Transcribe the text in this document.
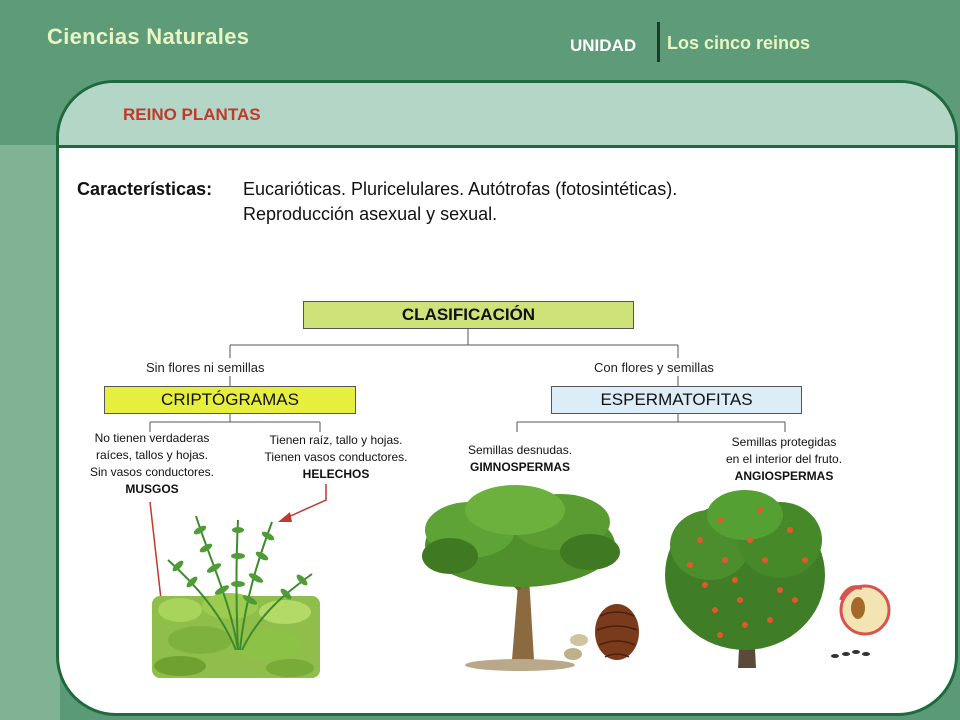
Ciencias Naturales	UNIDAD Los cinco reinos
REINO PLANTAS
Características: Eucarióticas. Pluricelulares. Autótrofas (fotosintéticas).
Reproducción asexual y sexual.
CLASIFICACIÓN
Sin flores ni semillas	Con flores y semillas
CRIPTÓGRAMAS	ESPERMATOFITAS
No tienen verdaderas
raíces, tallos y hojas.
Sin vasos conductores.
MUSGOS
Tienen raíz, tallo y hojas.
Tienen vasos conductores.
HELECHOS
Semillas desnudas.
GIMNOSPERMAS
Semillas protegidas
en el interior del fruto.
ANGIOSPERMAS
